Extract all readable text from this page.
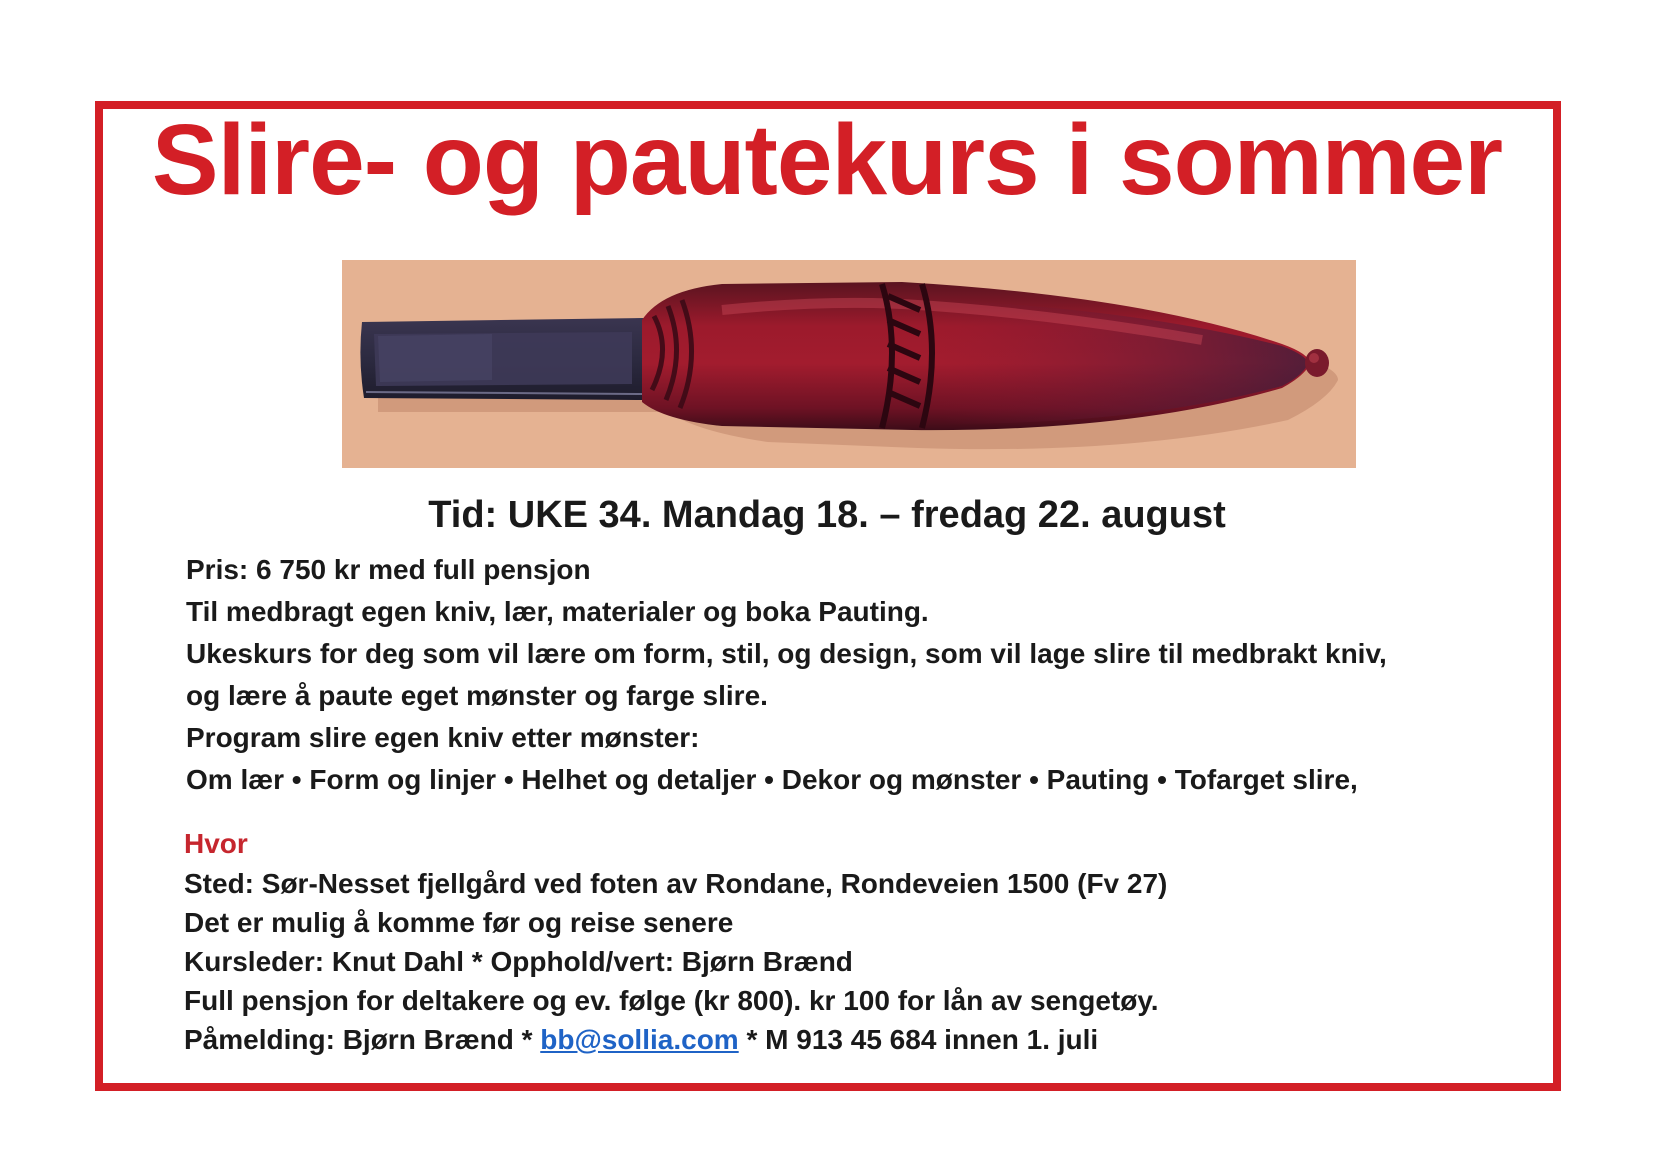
Slire- og pautekurs i sommer
Tid: UKE 34. Mandag 18. – fredag 22. august

Pris: 6 750 kr med full pensjon

Til medbragt egen kniv, lær, materialer og boka Pauting.

Ukeskurs for deg som vil lære om form, stil, og design, som vil lage slire til medbrakt kniv,

og lære å paute eget mønster og farge slire.

Program slire egen kniv etter mønster:

Om lær • Form og linjer • Helhet og detaljer • Dekor og mønster • Pauting • Tofarget slire,

Hvor

Sted: Sør-Nesset fjellgård ved foten av Rondane, Rondeveien 1500 (Fv 27)

Det er mulig å komme før og reise senere

Kursleder: Knut Dahl * Opphold/vert: Bjørn Brænd

Full pensjon for deltakere og ev. følge (kr 800). kr 100 for lån av sengetøy.

Påmelding: Bjørn Brænd * bb@sollia.com * M 913 45 684 innen 1. juli
